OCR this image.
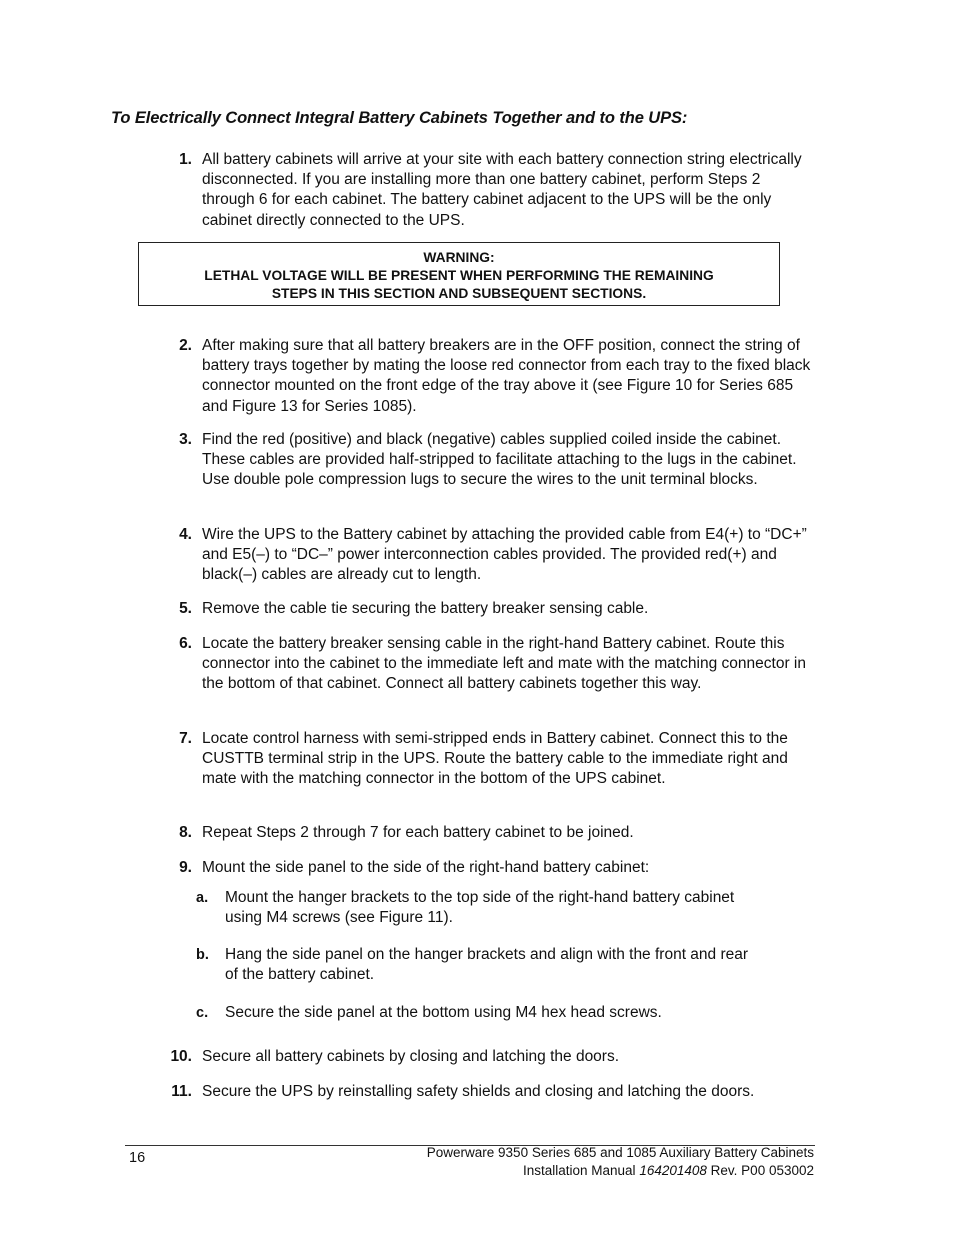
To Electrically Connect Integral Battery Cabinets Together and to the UPS:
1. All battery cabinets will arrive at your site with each battery connection string electrically disconnected. If you are installing more than one battery cabinet, perform Steps 2 through 6 for each cabinet. The battery cabinet adjacent to the UPS will be the only cabinet directly connected to the UPS.
WARNING:
LETHAL VOLTAGE WILL BE PRESENT WHEN PERFORMING THE REMAINING
STEPS IN THIS SECTION AND SUBSEQUENT SECTIONS.
2. After making sure that all battery breakers are in the OFF position, connect the string of battery trays together by mating the loose red connector from each tray to the fixed black connector mounted on the front edge of the tray above it (see Figure 10 for Series 685 and Figure 13 for Series 1085).
3. Find the red (positive) and black (negative) cables supplied coiled inside the cabinet. These cables are provided half-stripped to facilitate attaching to the lugs in the cabinet. Use double pole compression lugs to secure the wires to the unit terminal blocks.
4. Wire the UPS to the Battery cabinet by attaching the provided cable from E4(+) to “DC+” and E5(–) to “DC–” power interconnection cables provided. The provided red(+) and black(–) cables are already cut to length.
5. Remove the cable tie securing the battery breaker sensing cable.
6. Locate the battery breaker sensing cable in the right-hand Battery cabinet. Route this connector into the cabinet to the immediate left and mate with the matching connector in the bottom of that cabinet. Connect all battery cabinets together this way.
7. Locate control harness with semi-stripped ends in Battery cabinet. Connect this to the CUSTTB terminal strip in the UPS. Route the battery cable to the immediate right and mate with the matching connector in the bottom of the UPS cabinet.
8. Repeat Steps 2 through 7 for each battery cabinet to be joined.
9. Mount the side panel to the side of the right-hand battery cabinet:
a.	Mount the hanger brackets to the top side of the right-hand battery cabinet using M4 screws (see Figure 11).
b.	Hang the side panel on the hanger brackets and align with the front and rear of the battery cabinet.
c.	Secure the side panel at the bottom using M4 hex head screws.
10. Secure all battery cabinets by closing and latching the doors.
11. Secure the UPS by reinstalling safety shields and closing and latching the doors.
16	Powerware 9350 Series 685 and 1085 Auxiliary Battery Cabinets
Installation Manual 164201408 Rev. P00 053002
